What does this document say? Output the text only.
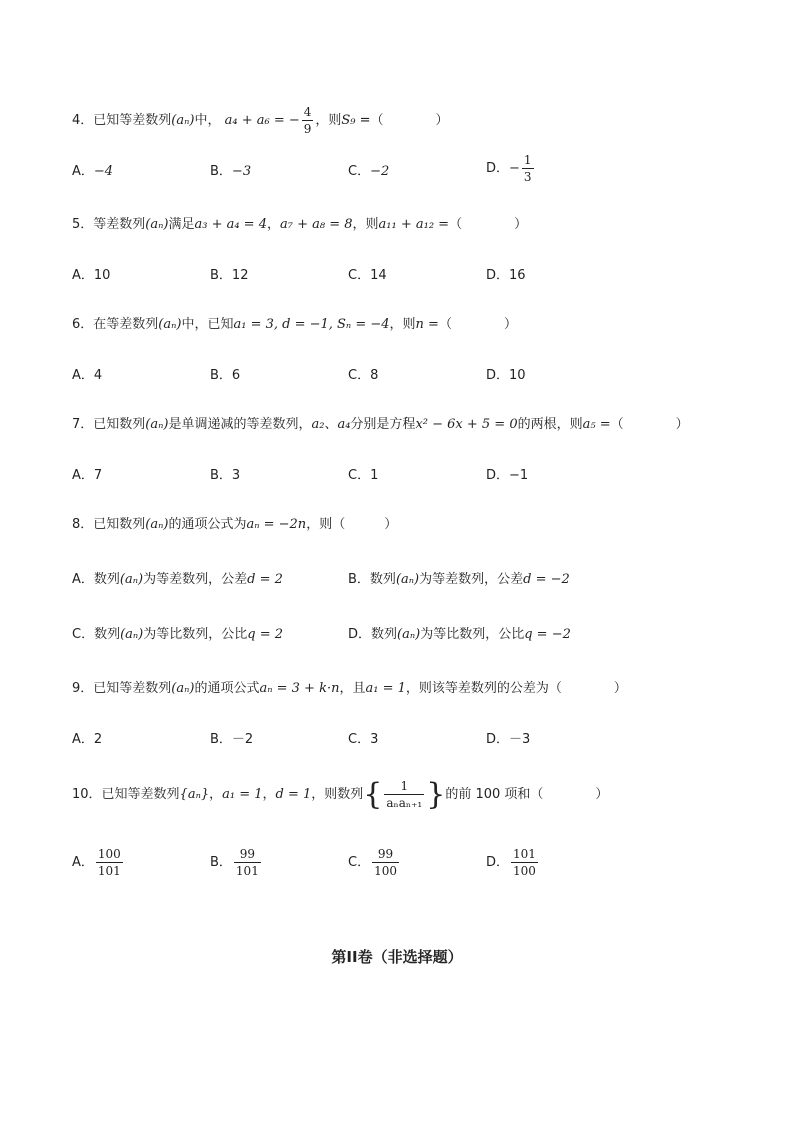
4．已知等差数列(aₙ)中， a₄ + a₆ = − $\frac{4}{9}$ ，则S₉ =（　　　　）
A．−4	B．−3	C．−2	D．− $\frac{1}{3}$
5．等差数列(aₙ)满足a₃ + a₄ = 4，a₇ + a₈ = 8，则a₁₁ + a₁₂ =（　　　　）
A．10	B．12	C．14	D．16
6．在等差数列(aₙ)中，已知a₁ = 3, d = −1, Sₙ = −4，则n =（　　　　）
A．4	B．6	C．8	D．10
7．已知数列(aₙ)是单调递减的等差数列，a₂、a₄分别是方程x² − 6x + 5 = 0的两根，则a₅ =（　　　　）
A．7	B．3	C．1	D．−1
8．已知数列(aₙ)的通项公式为aₙ = −2n，则（　　　）
A．数列(aₙ)为等差数列，公差d = 2	B．数列(aₙ)为等差数列，公差d = −2
C．数列(aₙ)为等比数列，公比q = 2	D．数列(aₙ)为等比数列，公比q = −2
9．已知等差数列(aₙ)的通项公式aₙ = 3 + k·n，且a₁ = 1，则该等差数列的公差为（　　　　）
A．2	B．－2	C．3	D．－3
10．已知等差数列{aₙ}，a₁ = 1，d = 1，则数列{ $\frac{1}{\text{aₙaₙ₊₁}}$ }的前 100 项和（　　　　）
A． $\frac{100}{101}$	B． $\frac{99}{101}$	C． $\frac{99}{100}$	D． $\frac{101}{100}$
第II卷（非选择题）
